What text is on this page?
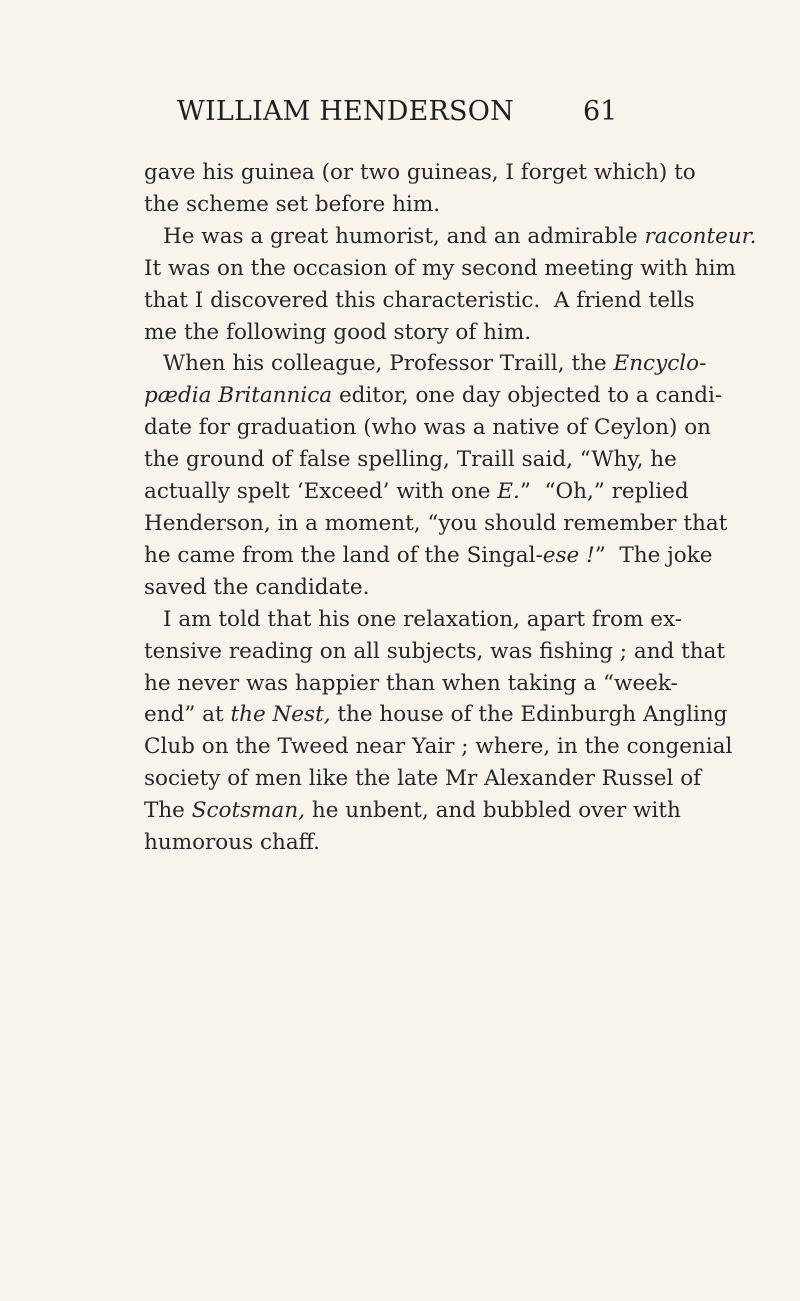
WILLIAM HENDERSON	61
gave his guinea (or two guineas, I forget which) to
the scheme set before him.
He was a great humorist, and an admirable raconteur.
It was on the occasion of my second meeting with him
that I discovered this characteristic.  A friend tells
me the following good story of him.
When his colleague, Professor Traill, the Encyclo-
pædia Britannica editor, one day objected to a candi-
date for graduation (who was a native of Ceylon) on
the ground of false spelling, Traill said, “Why, he
actually spelt ‘Exceed’ with one E.”  “Oh,” replied
Henderson, in a moment, “you should remember that
he came from the land of the Singal-ese !”  The joke
saved the candidate.
I am told that his one relaxation, apart from ex-
tensive reading on all subjects, was fishing ; and that
he never was happier than when taking a “week-
end” at the Nest, the house of the Edinburgh Angling
Club on the Tweed near Yair ; where, in the congenial
society of men like the late Mr Alexander Russel of
The Scotsman, he unbent, and bubbled over with
humorous chaff.
